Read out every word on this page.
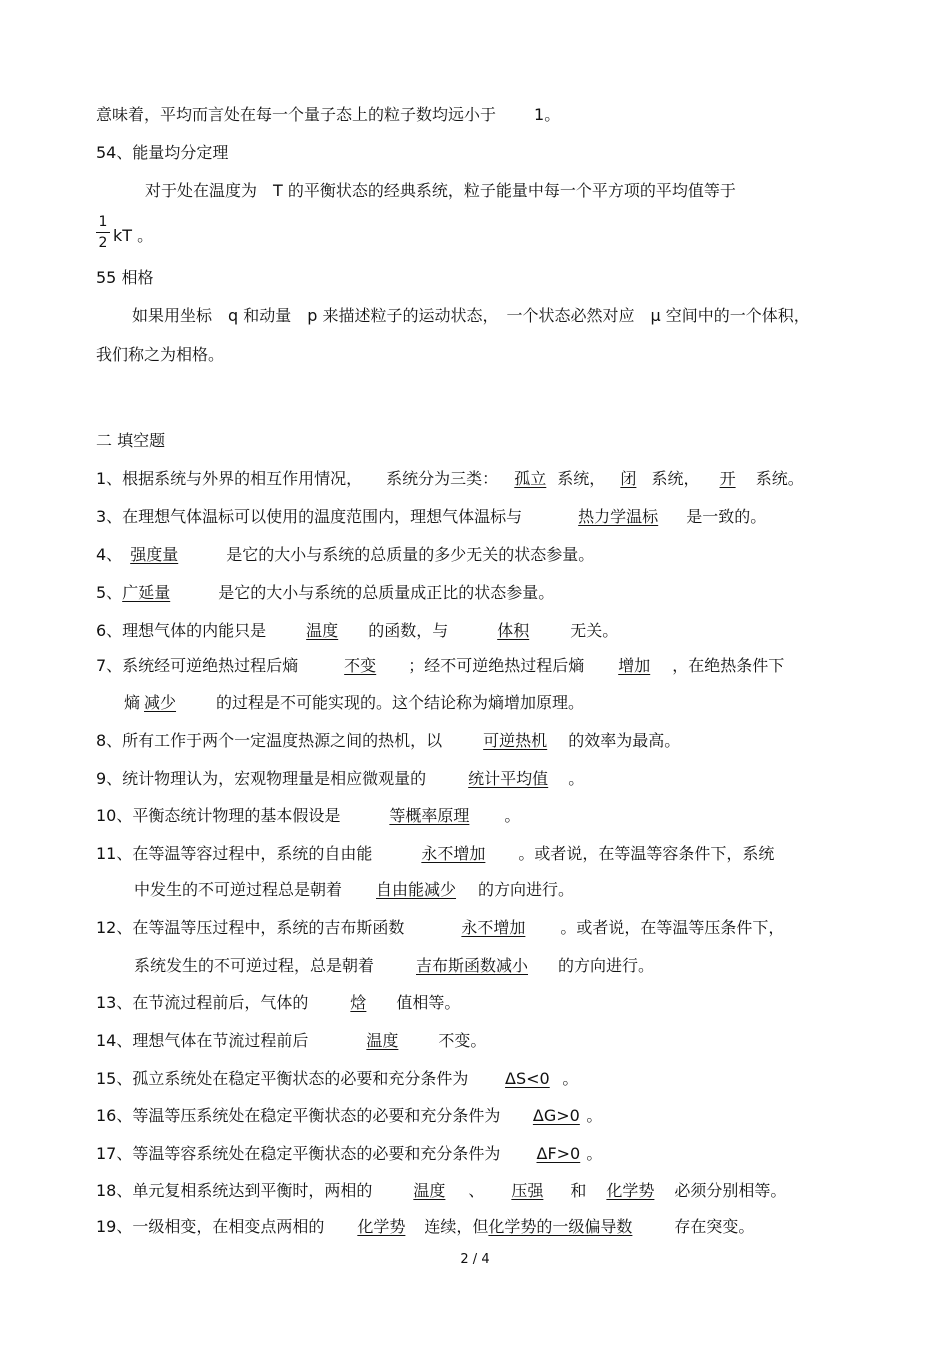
意味着，平均而言处在每一个量子态上的粒子数均远小于 1。
54、能量均分定理
对于处在温度为　T 的平衡状态的经典系统，粒子能量中每一个平方项的平均值等于
1
2 kT 。
55 相格
如果用坐标　q 和动量　p 来描述粒子的运动状态，　一个状态必然对应　μ 空间中的一个体积，
我们称之为相格。
二 填空题
1、根据系统与外界的相互作用情况，　　系统分为三类： 孤立 系统， 闭 系统， 开 系统。
3、在理想气体温标可以使用的温度范围内，理想气体温标与	热力学温标 是一致的。
4、 强度量	是它的大小与系统的总质量的多少无关的状态参量。
5、广延量	是它的大小与系统的总质量成正比的状态参量。
6、理想气体的内能只是 温度 的函数，与	体积	无关。
7、系统经可逆绝热过程后熵	不变 ；经不可逆绝热过程后熵 增加 ，在绝热条件下
熵 减少 的过程是不可能实现的。这个结论称为熵增加原理。
8、所有工作于两个一定温度热源之间的热机，以	可逆热机 的效率为最高。
9、统计物理认为，宏观物理量是相应微观量的	统计平均值 。
10、平衡态统计物理的基本假设是	等概率原理 。
11、在等温等容过程中，系统的自由能	永不增加 。或者说，在等温等容条件下，系统
中发生的不可逆过程总是朝着 自由能减少 的方向进行。
12、在等温等压过程中，系统的吉布斯函数	永不增加 。或者说，在等温等压条件下，
系统发生的不可逆过程，总是朝着	吉布斯函数减小 的方向进行。
13、在节流过程前后，气体的	焓 值相等。
14、理想气体在节流过程前后	温度	不变。
15、孤立系统处在稳定平衡状态的必要和充分条件为 ΔS<0 。
16、等温等压系统处在稳定平衡状态的必要和充分条件为 ΔG>0 。
17、等温等容系统处在稳定平衡状态的必要和充分条件为 ΔF>0 。
18、单元复相系统达到平衡时，两相的	温度 、 压强 和 化学势 必须分别相等。
19、一级相变，在相变点两相的 化学势 连续，但化学势的一级偏导数	存在突变。
2 / 4
